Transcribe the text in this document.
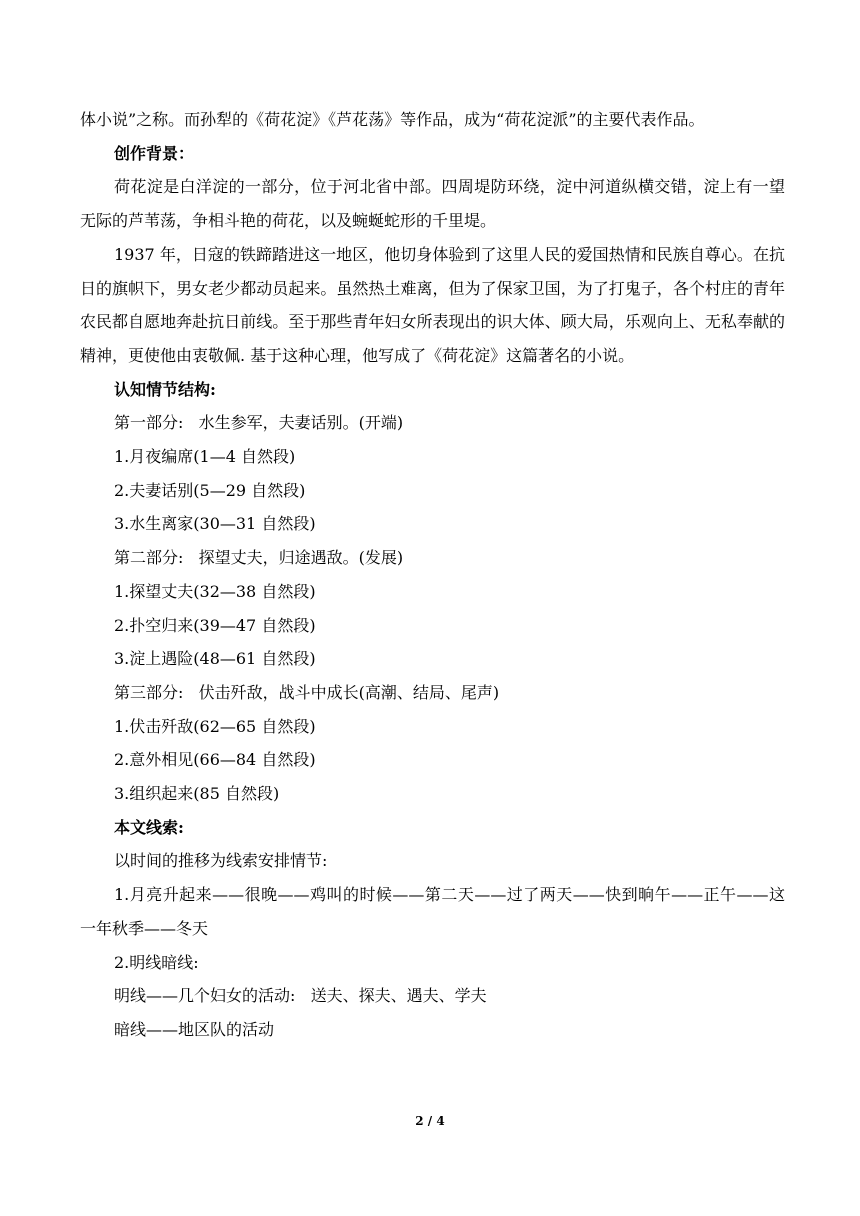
体小说”之称。而孙犁的《荷花淀》《芦花荡》等作品，成为“荷花淀派”的主要代表作品。
创作背景：
荷花淀是白洋淀的一部分，位于河北省中部。四周堤防环绕，淀中河道纵横交错，淀上有一望无际的芦苇荡，争相斗艳的荷花，以及蜿蜒蛇形的千里堤。
1937 年，日寇的铁蹄踏进这一地区，他切身体验到了这里人民的爱国热情和民族自尊心。在抗日的旗帜下，男女老少都动员起来。虽然热土难离，但为了保家卫国，为了打鬼子，各个村庄的青年农民都自愿地奔赴抗日前线。至于那些青年妇女所表现出的识大体、顾大局，乐观向上、无私奉献的精神，更使他由衷敬佩. 基于这种心理，他写成了《荷花淀》这篇著名的小说。
认知情节结构:
第一部分:   水生参军，夫妻话别。(开端)
1.月夜编席(1—4 自然段)
2.夫妻话别(5—29 自然段)
3.水生离家(30—31 自然段)
第二部分:   探望丈夫，归途遇敌。(发展)
1.探望丈夫(32—38 自然段)
2.扑空归来(39—47 自然段)
3.淀上遇险(48—61 自然段)
第三部分:   伏击歼敌，战斗中成长(高潮、结局、尾声)
1.伏击歼敌(62—65 自然段)
2.意外相见(66—84 自然段)
3.组织起来(85 自然段)
本文线索:
以时间的推移为线索安排情节:
1.月亮升起来——很晚——鸡叫的时候——第二天——过了两天——快到晌午——正午——这一年秋季——冬天
2.明线暗线:
明线——几个妇女的活动:   送夫、探夫、遇夫、学夫
暗线——地区队的活动
2 / 4
